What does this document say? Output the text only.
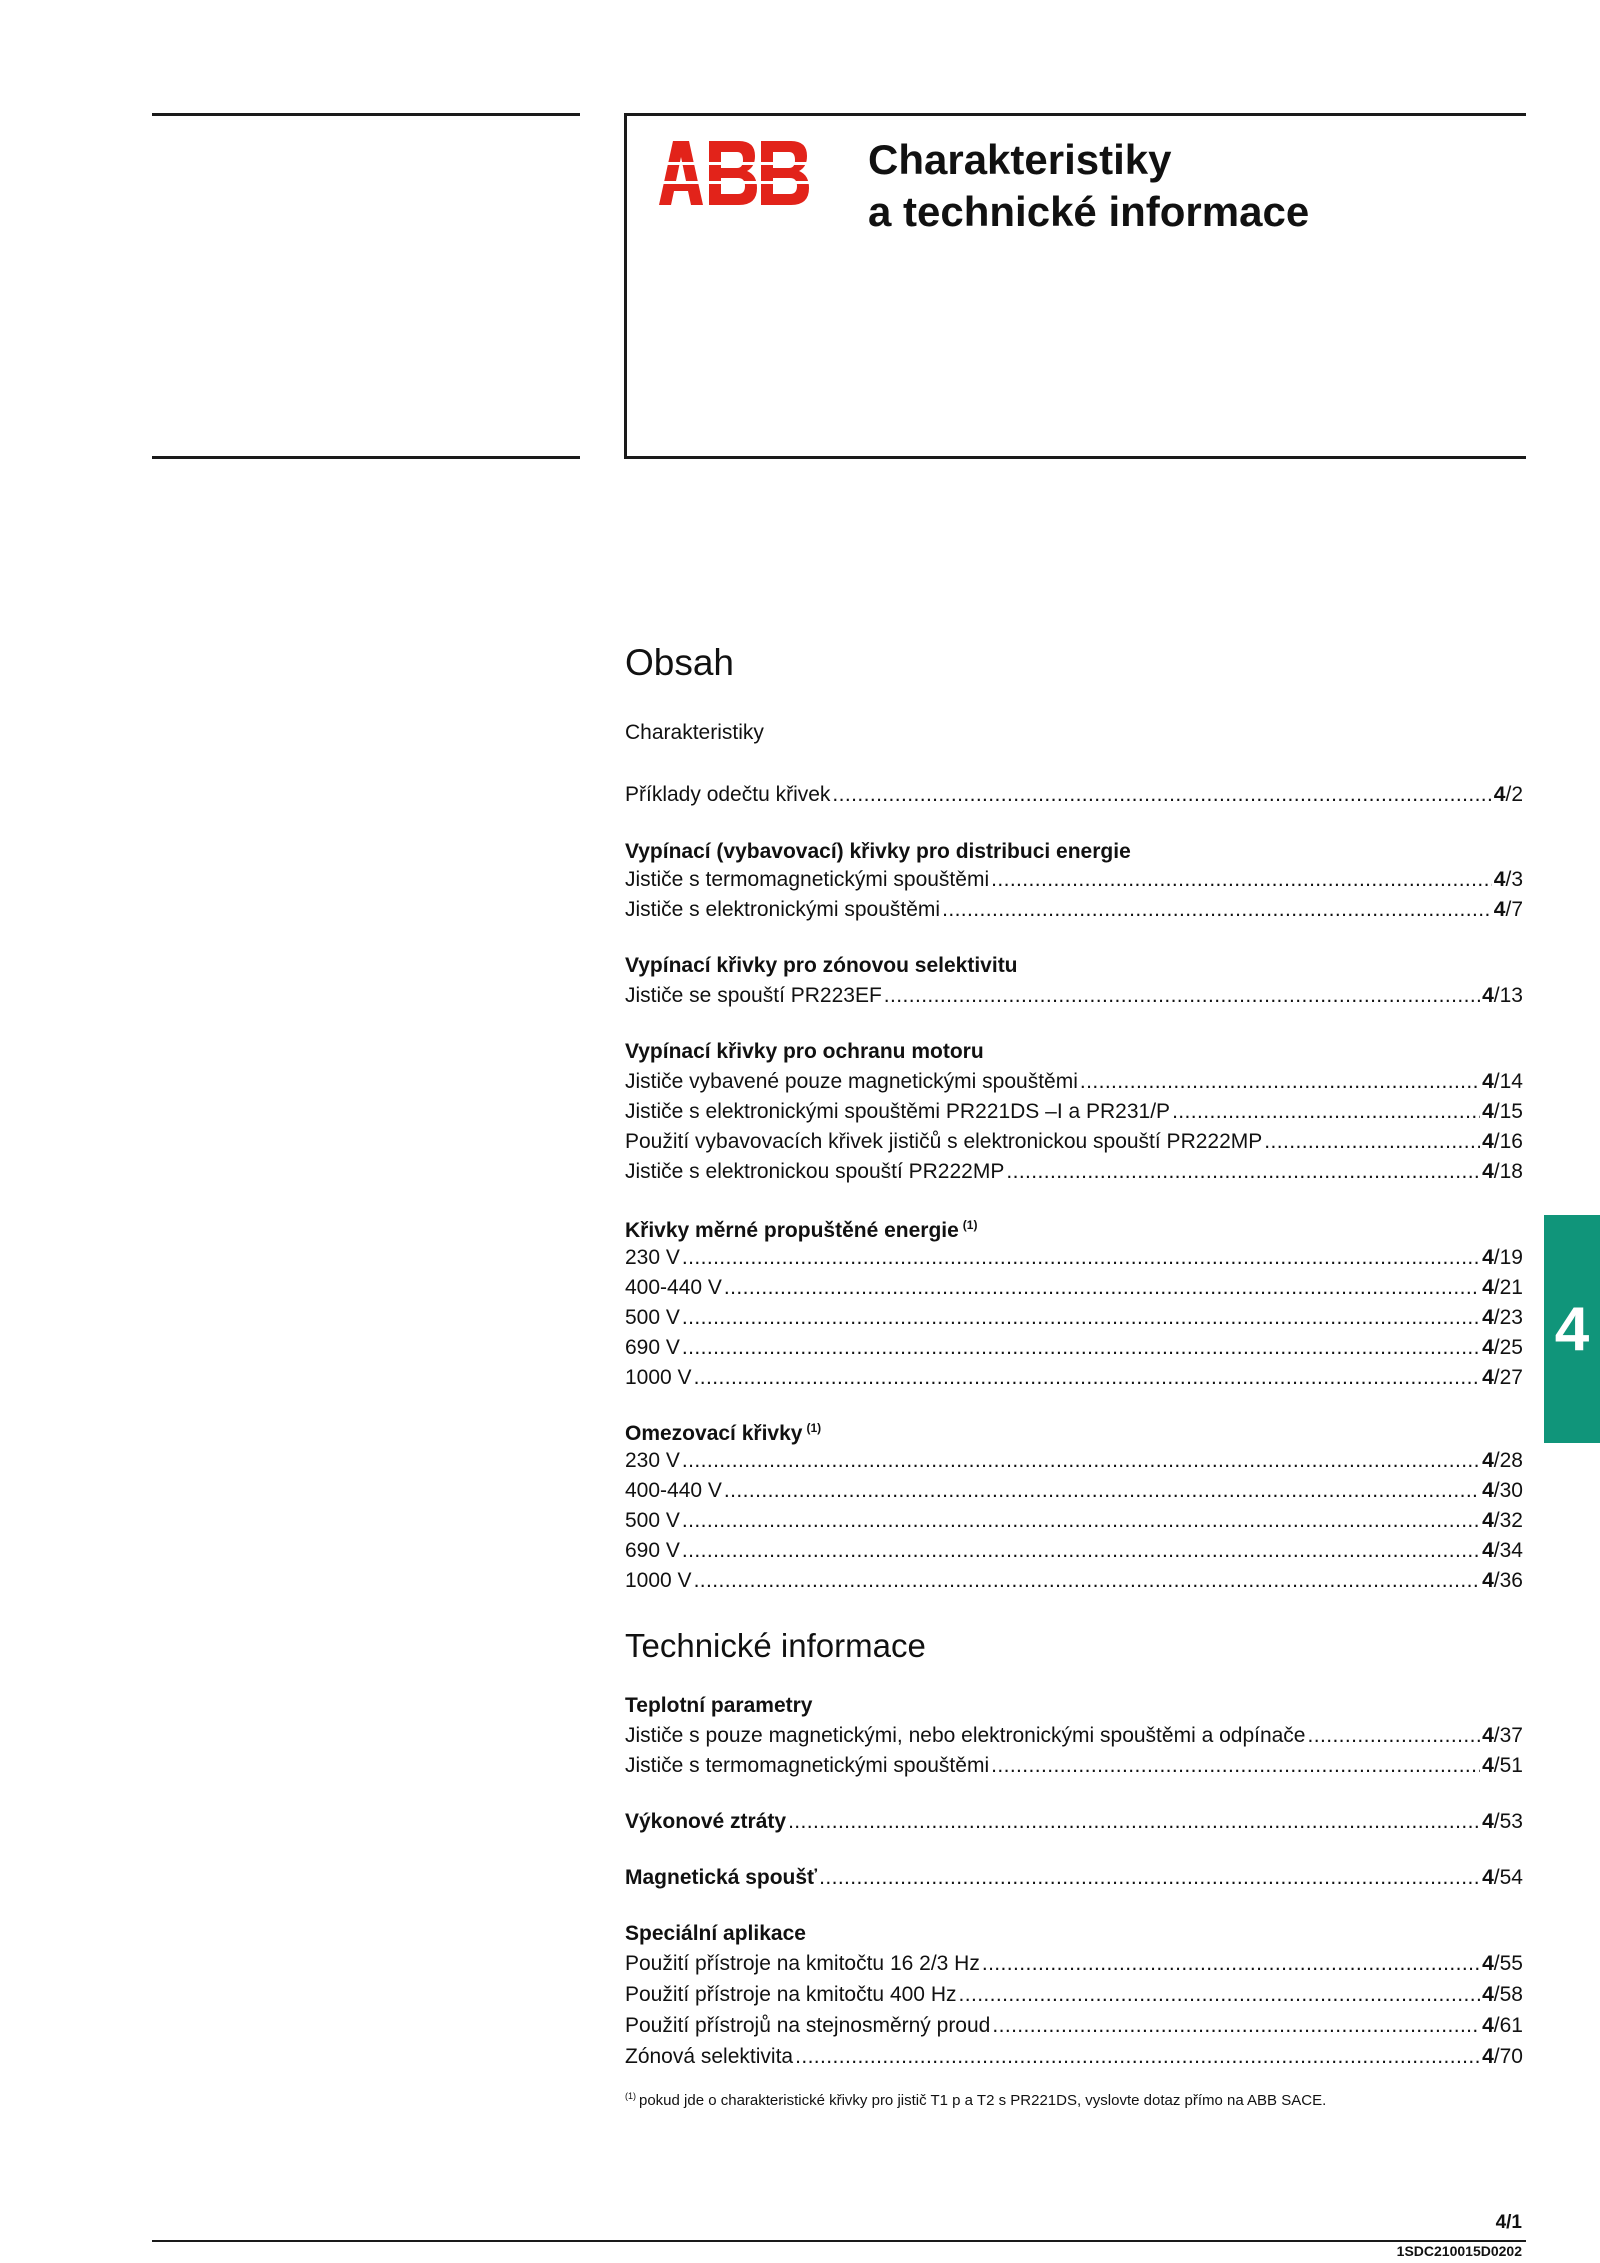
Charakteristiky
a technické informace
4
Obsah
Charakteristiky
Příklady odečtu křivek .....	4/2
Vypínací (vybavovací) křivky pro distribuci energie
Jističe s termomagnetickými spouštěmi .....	4/3
Jističe s elektronickými spouštěmi .....	4/7
Vypínací křivky pro zónovou selektivitu
Jističe se spouští PR223EF .....	4/13
Vypínací křivky pro ochranu motoru
Jističe vybavené pouze magnetickými spouštěmi .....	4/14
Jističe s elektronickými spouštěmi PR221DS –I a PR231/P .....	4/15
Použití vybavovacích křivek jističů s elektronickou spouští PR222MP .....	4/16
Jističe s elektronickou spouští PR222MP .....	4/18
Křivky měrné propuštěné energie $^{(1)}$
230 V .....	4/19
400-440 V .....	4/21
500 V .....	4/23
690 V .....	4/25
1000 V .....	4/27
Omezovací křivky $^{(1)}$
230 V .....	4/28
400-440 V .....	4/30
500 V .....	4/32
690 V .....	4/34
1000 V .....	4/36
Technické informace
Teplotní parametry
Jističe s pouze magnetickými, nebo elektronickými spouštěmi a odpínače .....	4/37
Jističe s termomagnetickými spouštěmi .....	4/51
Výkonové ztráty .....	4/53
Magnetická spoušť .....	4/54
Speciální aplikace
Použití přístroje na kmitočtu 16 2/3 Hz .....	4/55
Použití přístroje na kmitočtu 400 Hz .....	4/58
Použití přístrojů na stejnosměrný proud .....	4/61
Zónová selektivita .....	4/70
$^{(1)}$ pokud jde o charakteristické křivky pro jistič T1 p a T2 s PR221DS, vyslovte dotaz přímo na ABB SACE.
4/1
1SDC210015D0202
